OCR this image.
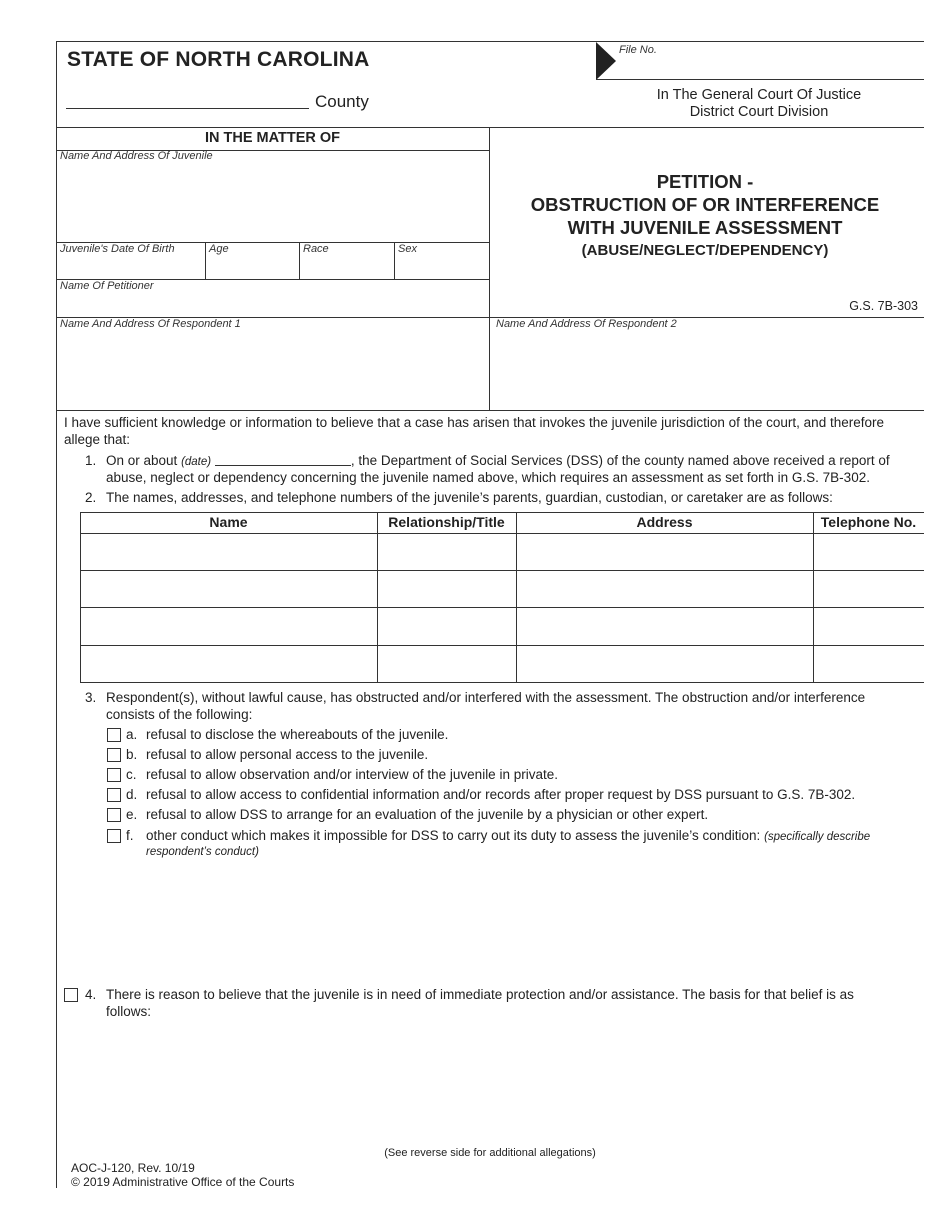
STATE OF NORTH CAROLINA
County
File No.
In The General Court Of Justice
District Court Division
IN THE MATTER OF
Name And Address Of Juvenile
Juvenile's Date Of Birth	Age	Race	Sex
Name Of Petitioner
Name And Address Of Respondent 1	Name And Address Of Respondent 2
PETITION -
OBSTRUCTION OF OR INTERFERENCE
WITH JUVENILE ASSESSMENT
(ABUSE/NEGLECT/DEPENDENCY)
G.S. 7B-303
I have sufficient knowledge or information to believe that a case has arisen that invokes the juvenile jurisdiction of the court, and therefore
allege that:
1. On or about (date)	, the Department of Social Services (DSS) of the county named above received a report of
abuse, neglect or dependency concerning the juvenile named above, which requires an assessment as set forth in G.S. 7B-302.
2. The names, addresses, and telephone numbers of the juvenile’s parents, guardian, custodian, or caretaker are as follows:
Name	Relationship/Title	Address	Telephone No.
3. Respondent(s), without lawful cause, has obstructed and/or interfered with the assessment. The obstruction and/or interference
consists of the following:
a. refusal to disclose the whereabouts of the juvenile.
b. refusal to allow personal access to the juvenile.
c. refusal to allow observation and/or interview of the juvenile in private.
d. refusal to allow access to confidential information and/or records after proper request by DSS pursuant to G.S. 7B-302.
e. refusal to allow DSS to arrange for an evaluation of the juvenile by a physician or other expert.
f. other conduct which makes it impossible for DSS to carry out its duty to assess the juvenile’s condition: (specifically describe
respondent’s conduct)
4. There is reason to believe that the juvenile is in need of immediate protection and/or assistance. The basis for that belief is as
follows:
(See reverse side for additional allegations)
AOC-J-120, Rev. 10/19
© 2019 Administrative Office of the Courts
